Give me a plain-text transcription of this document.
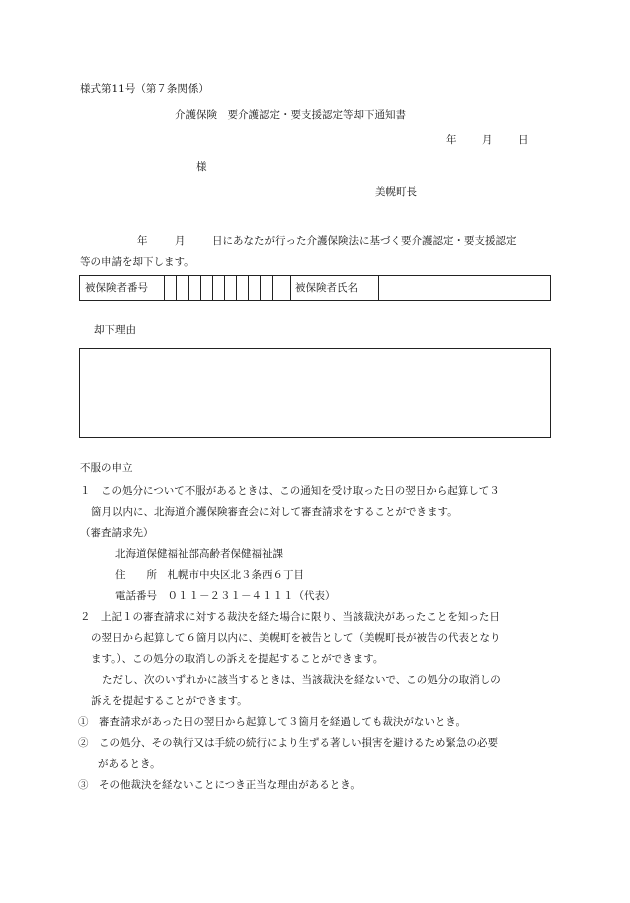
様式第11号（第７条関係）
介護保険　要介護認定・要支援認定等却下通知書
年 月 日
様
美幌町長
年	月	日にあなたが行った介護保険法に基づく要介護認定・要支援認定
等の申請を却下します。
被保険者番号	被保険者氏名
却下理由
不服の申立
１　この処分について不服があるときは、この通知を受け取った日の翌日から起算して３
箇月以内に、北海道介護保険審査会に対して審査請求をすることができます。
（審査請求先）
北海道保健福祉部高齢者保健福祉課
住　　所　札幌市中央区北３条西６丁目
電話番号　０１１－２３１－４１１１（代表）
２　上記１の審査請求に対する裁決を経た場合に限り、当該裁決があったことを知った日
の翌日から起算して６箇月以内に、美幌町を被告として（美幌町長が被告の代表となり
ます。）、この処分の取消しの訴えを提起することができます。
ただし、次のいずれかに該当するときは、当該裁決を経ないで、この処分の取消しの
訴えを提起することができます。
①　審査請求があった日の翌日から起算して３箇月を経過しても裁決がないとき。
②　この処分、その執行又は手続の続行により生ずる著しい損害を避けるため緊急の必要
があるとき。
③　その他裁決を経ないことにつき正当な理由があるとき。
